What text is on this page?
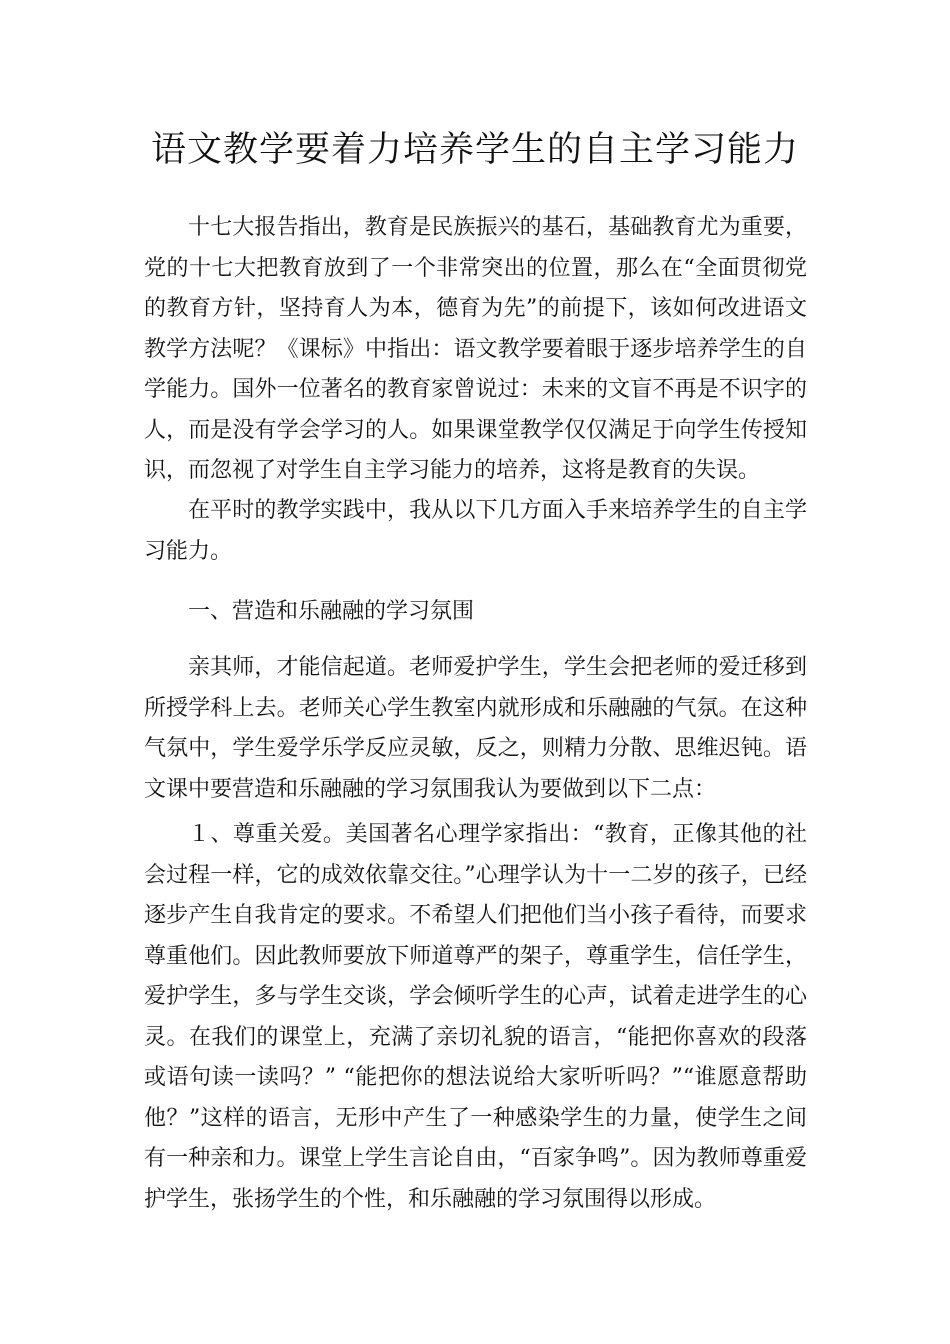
语文教学要着力培养学生的自主学习能力

十七大报告指出，教育是民族振兴的基石，基础教育尤为重要，党的十七大把教育放到了一个非常突出的位置，那么在“全面贯彻党的教育方针，坚持育人为本，德育为先”的前提下，该如何改进语文教学方法呢？《课标》中指出：语文教学要着眼于逐步培养学生的自学能力。国外一位著名的教育家曾说过：未来的文盲不再是不识字的人，而是没有学会学习的人。如果课堂教学仅仅满足于向学生传授知识，而忽视了对学生自主学习能力的培养，这将是教育的失误。

在平时的教学实践中，我从以下几方面入手来培养学生的自主学习能力。

一、营造和乐融融的学习氛围

亲其师，才能信起道。老师爱护学生，学生会把老师的爱迁移到所授学科上去。老师关心学生教室内就形成和乐融融的气氛。在这种气氛中，学生爱学乐学反应灵敏，反之，则精力分散、思维迟钝。语文课中要营造和乐融融的学习氛围我认为要做到以下二点：

１、尊重关爱。美国著名心理学家指出：“教育，正像其他的社会过程一样，它的成效依靠交往。”心理学认为十一二岁的孩子，已经逐步产生自我肯定的要求。不希望人们把他们当小孩子看待，而要求尊重他们。因此教师要放下师道尊严的架子，尊重学生，信任学生，爱护学生，多与学生交谈，学会倾听学生的心声，试着走进学生的心灵。在我们的课堂上，充满了亲切礼貌的语言，“能把你喜欢的段落或语句读一读吗？” “能把你的想法说给大家听听吗？”“谁愿意帮助他？”这样的语言，无形中产生了一种感染学生的力量，使学生之间有一种亲和力。课堂上学生言论自由，“百家争鸣”。因为教师尊重爱护学生，张扬学生的个性，和乐融融的学习氛围得以形成。
